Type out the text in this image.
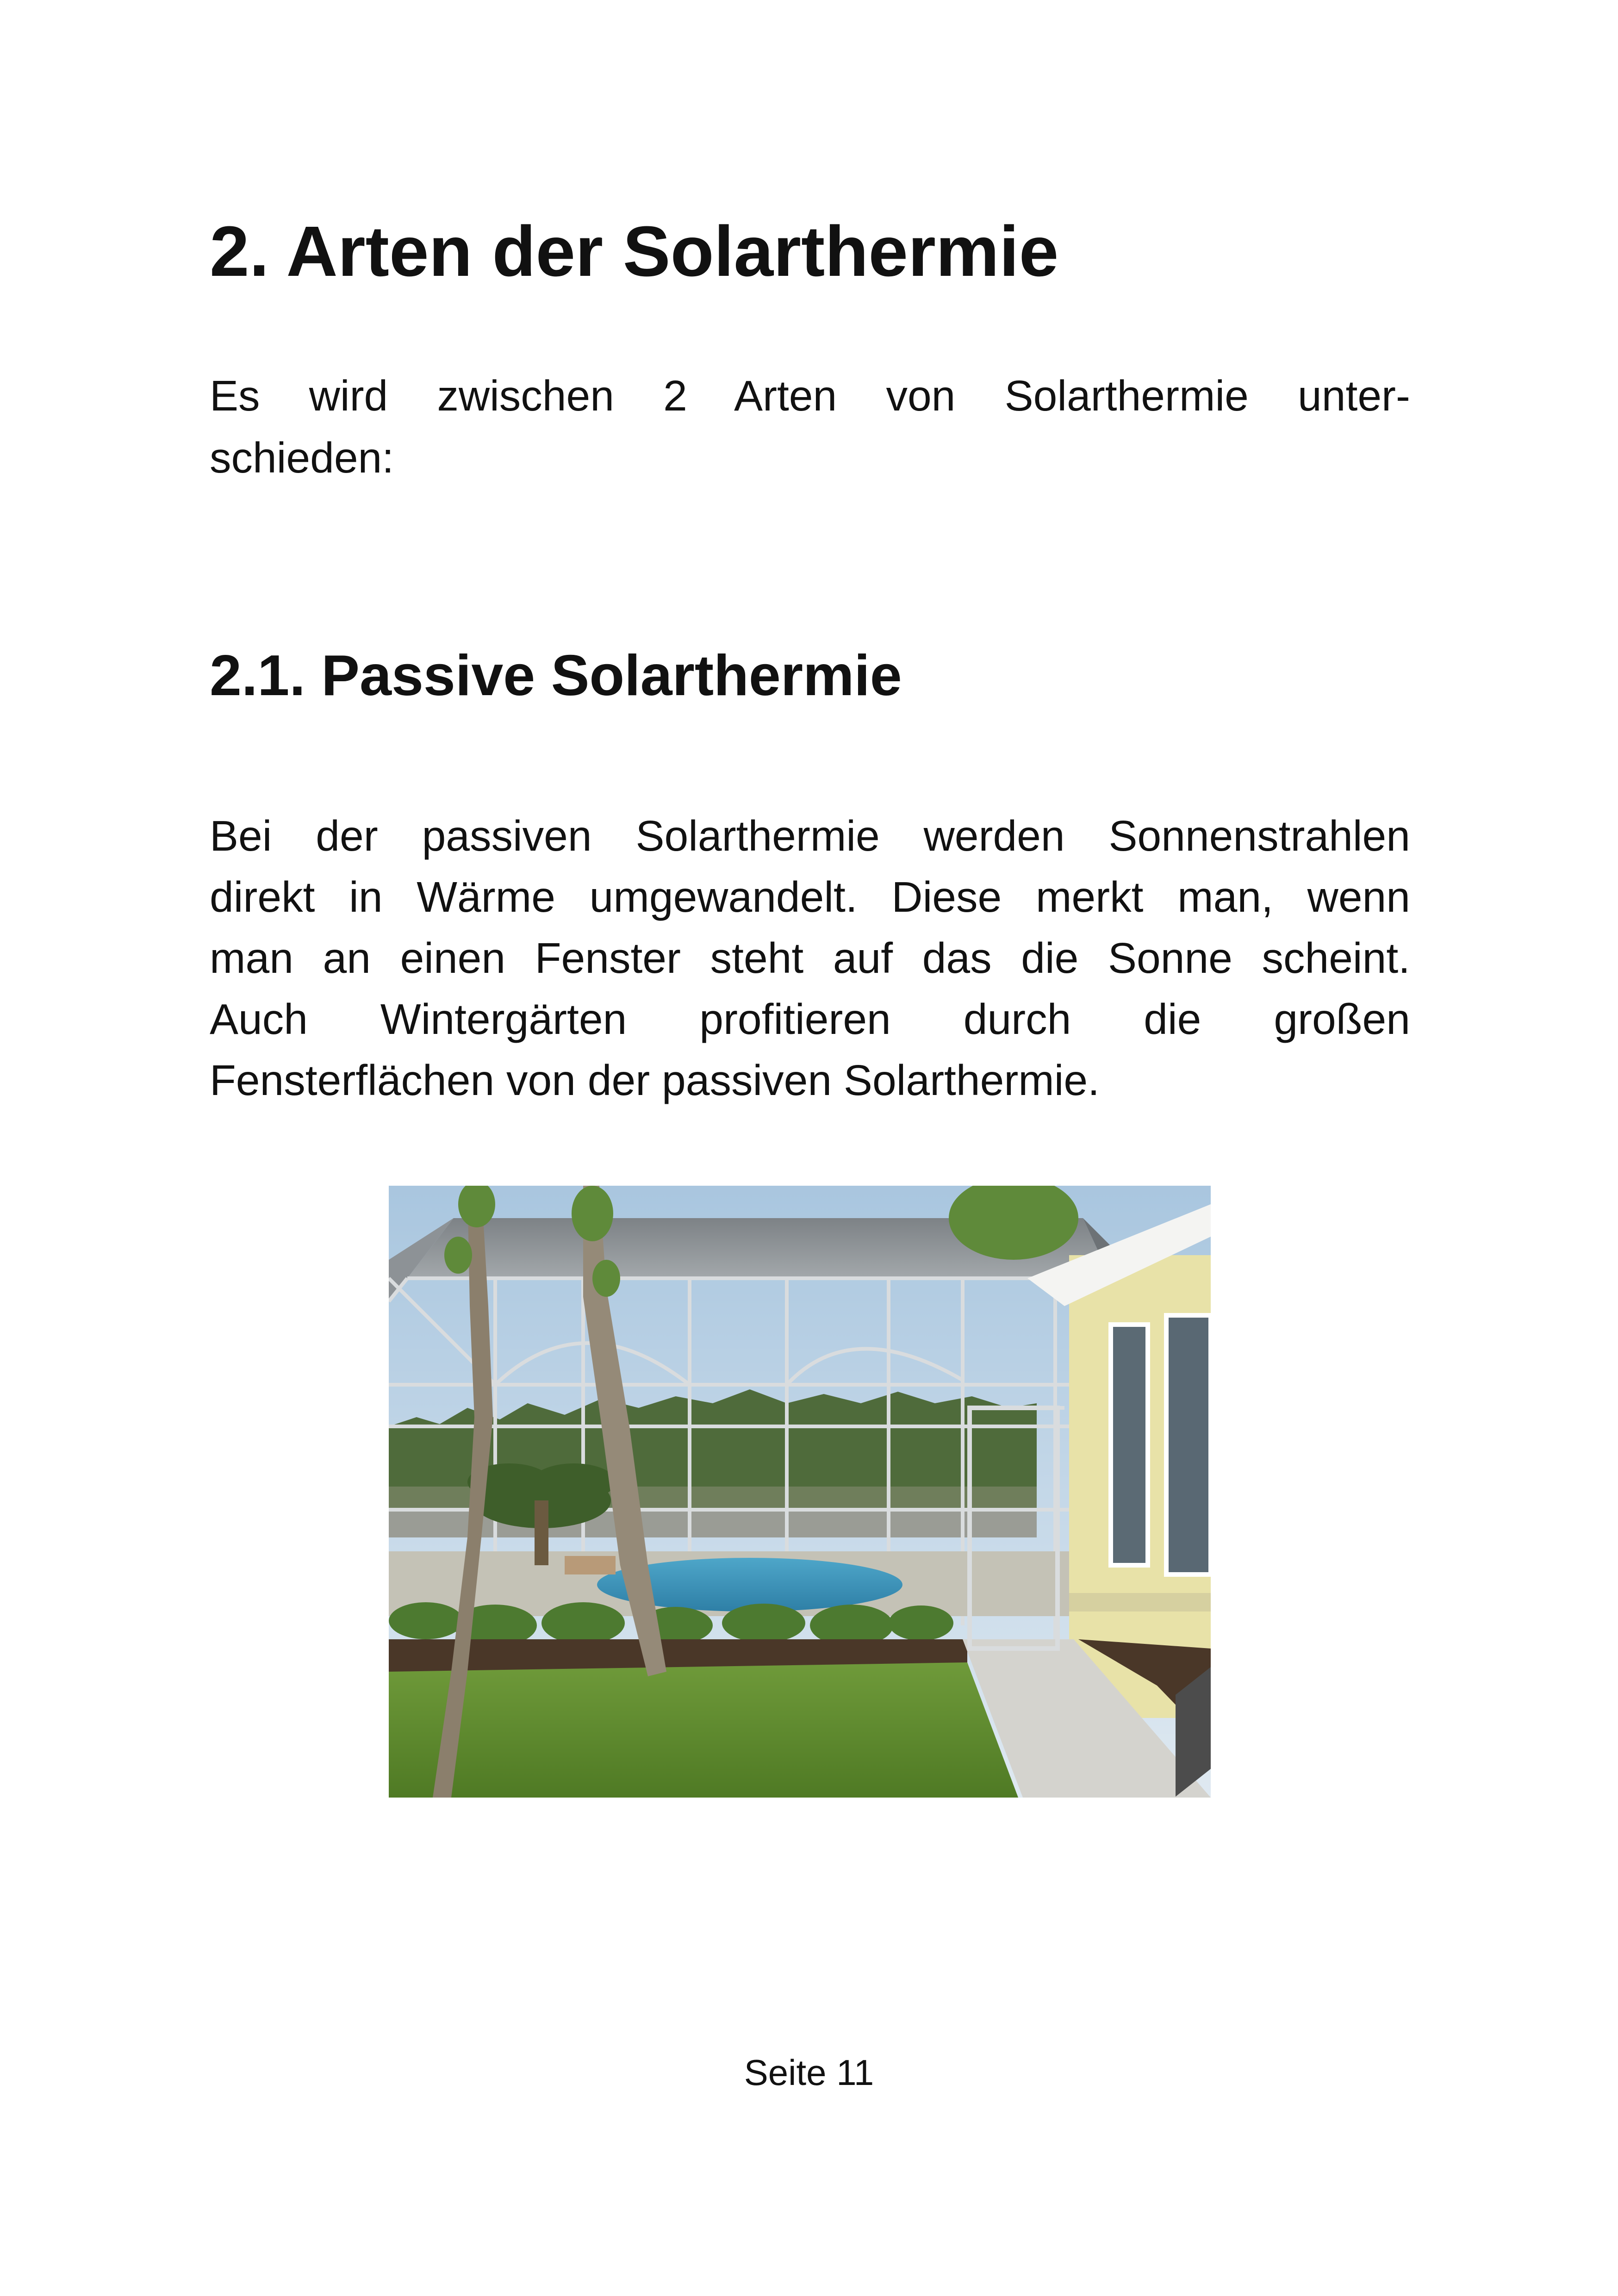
2. Arten der Solarthermie

Es wird zwischen 2 Arten von Solarthermie unter-
schieden:

2.1. Passive Solarthermie

Bei der passiven Solarthermie werden Sonnenstrahlen
direkt in Wärme umgewandelt. Diese merkt man, wenn
man an einen Fenster steht auf das die Sonne scheint.
Auch Wintergärten profitieren durch die großen
Fensterflächen von der passiven Solarthermie.

Seite 11
